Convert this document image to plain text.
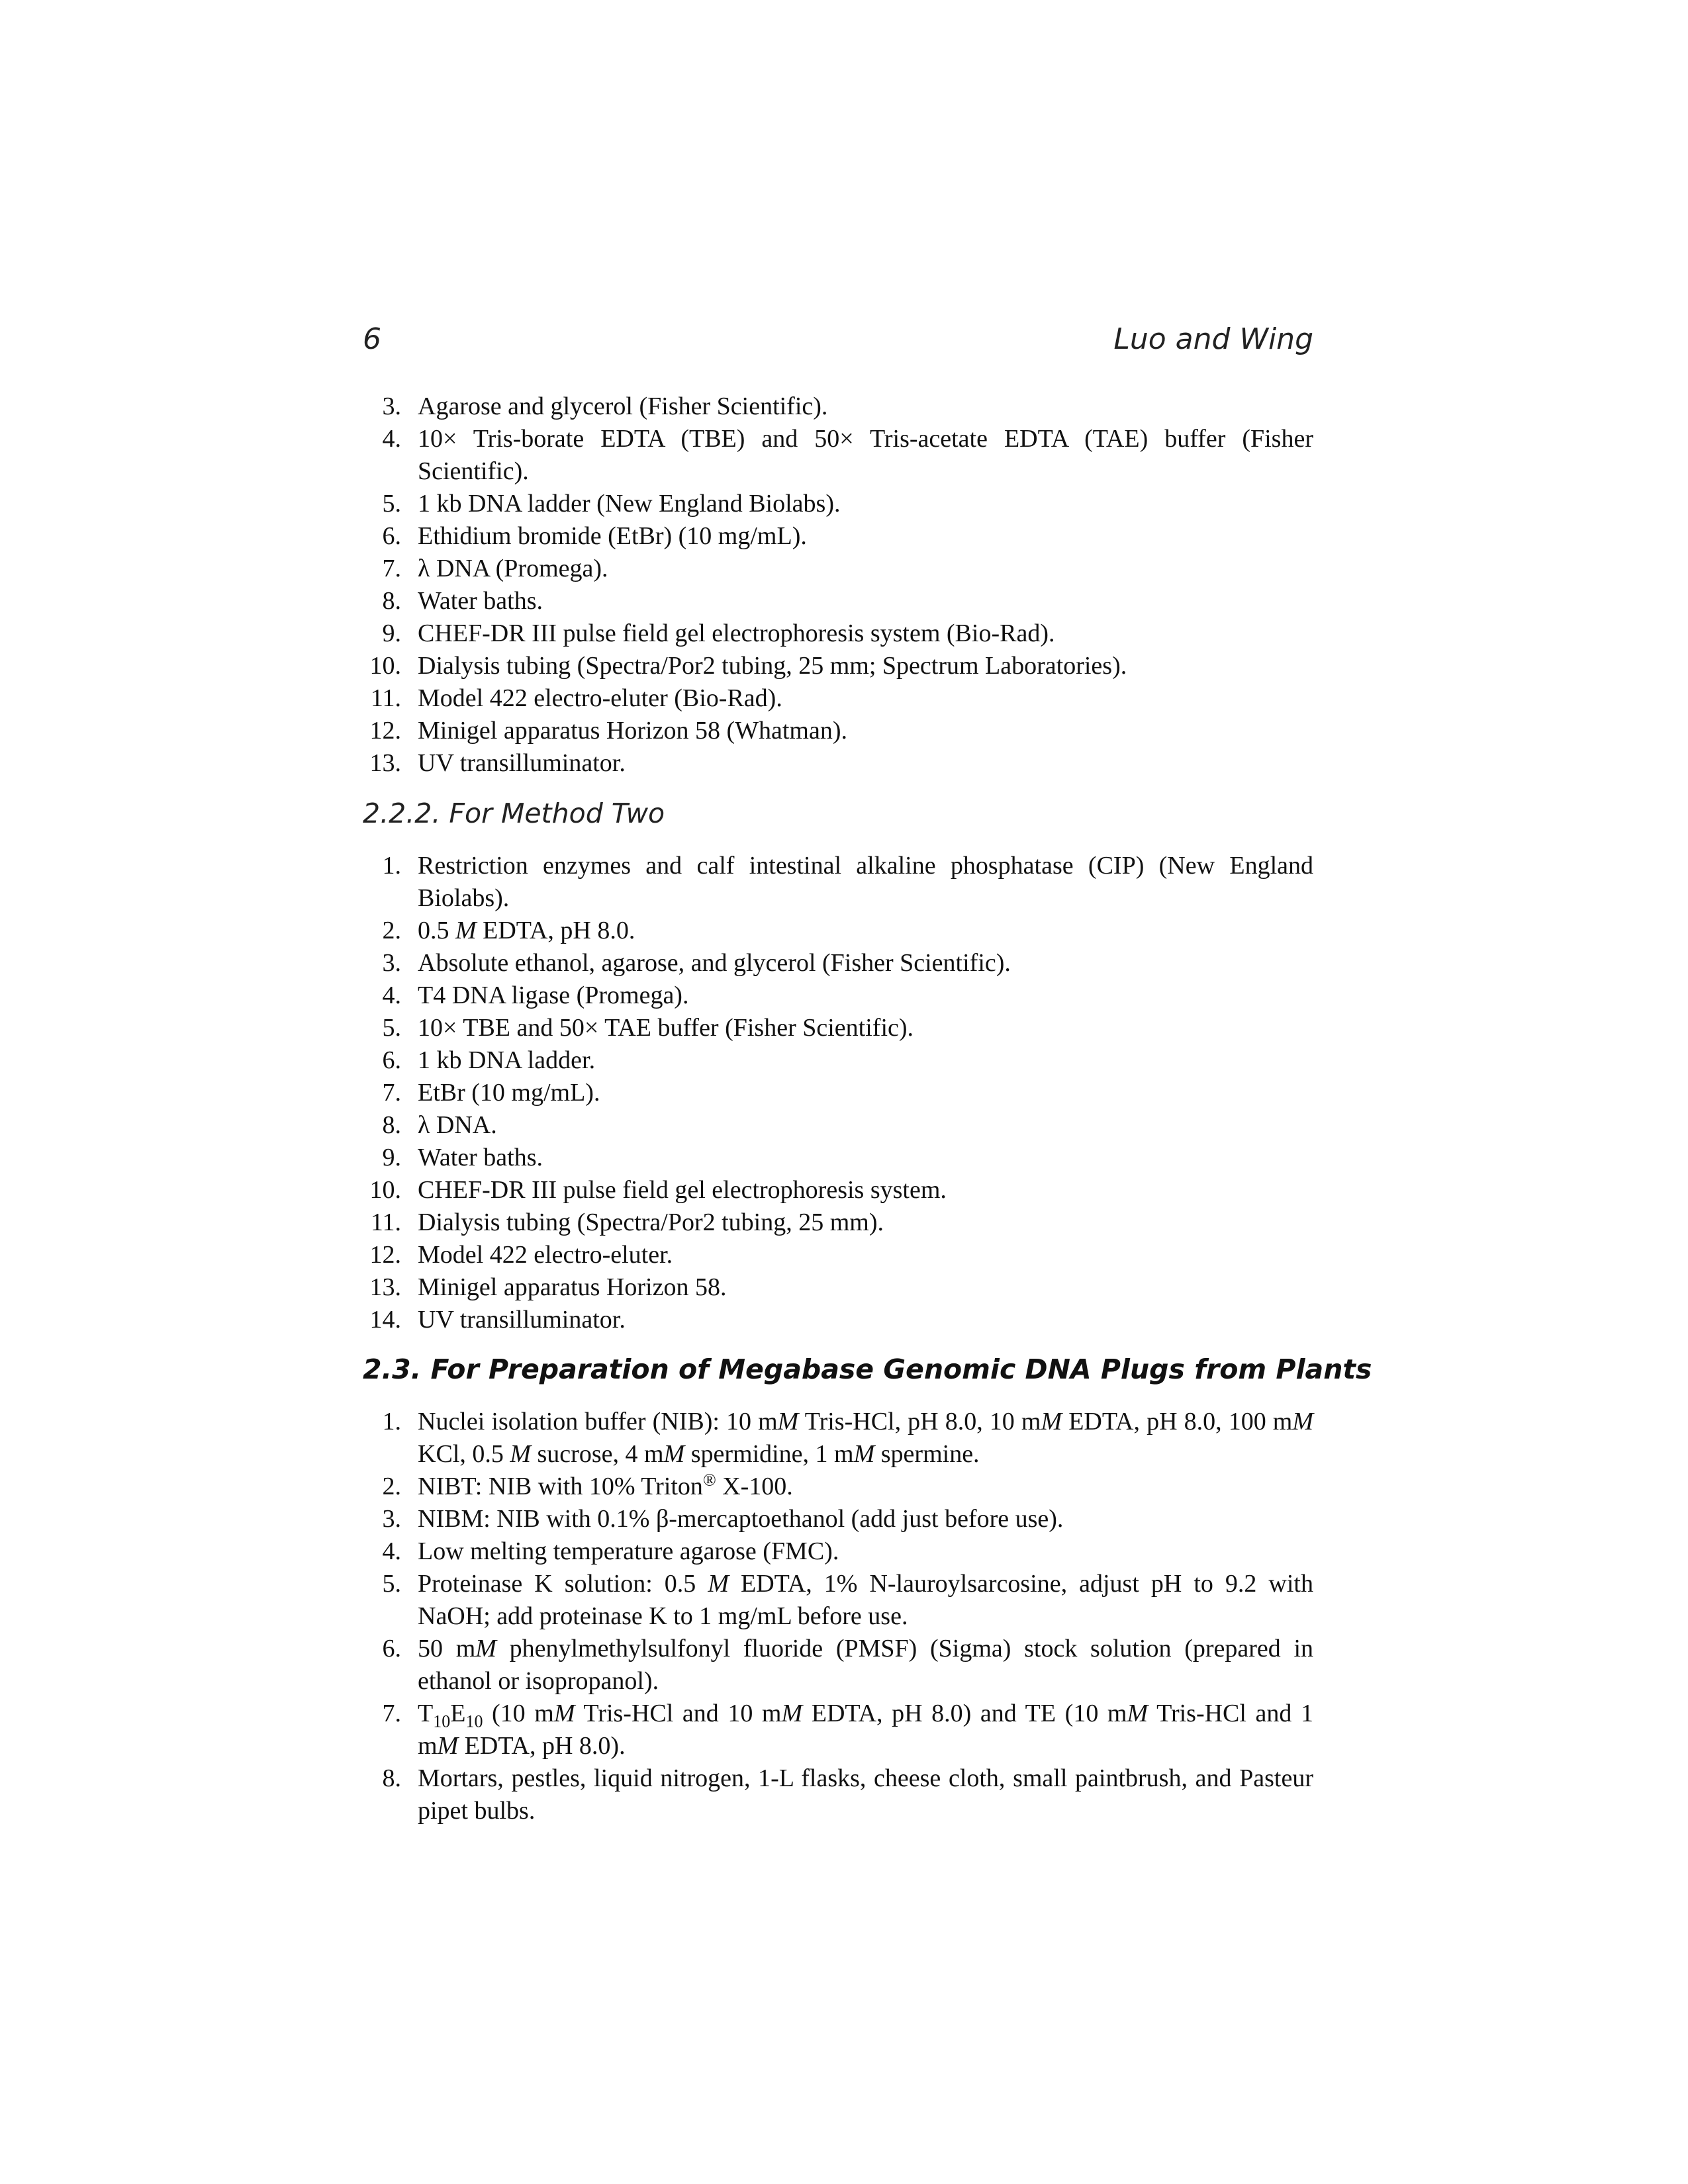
6	Luo and Wing
3. Agarose and glycerol (Fisher Scientific).
4. 10× Tris-borate EDTA (TBE) and 50× Tris-acetate EDTA (TAE) buffer (Fisher Scientific).
5. 1 kb DNA ladder (New England Biolabs).
6. Ethidium bromide (EtBr) (10 mg/mL).
7. λ DNA (Promega).
8. Water baths.
9. CHEF-DR III pulse field gel electrophoresis system (Bio-Rad).
10. Dialysis tubing (Spectra/Por2 tubing, 25 mm; Spectrum Laboratories).
11. Model 422 electro-eluter (Bio-Rad).
12. Minigel apparatus Horizon 58 (Whatman).
13. UV transilluminator.
2.2.2. For Method Two
1. Restriction enzymes and calf intestinal alkaline phosphatase (CIP) (New England Biolabs).
2. 0.5 M EDTA, pH 8.0.
3. Absolute ethanol, agarose, and glycerol (Fisher Scientific).
4. T4 DNA ligase (Promega).
5. 10× TBE and 50× TAE buffer (Fisher Scientific).
6. 1 kb DNA ladder.
7. EtBr (10 mg/mL).
8. λ DNA.
9. Water baths.
10. CHEF-DR III pulse field gel electrophoresis system.
11. Dialysis tubing (Spectra/Por2 tubing, 25 mm).
12. Model 422 electro-eluter.
13. Minigel apparatus Horizon 58.
14. UV transilluminator.
2.3. For Preparation of Megabase Genomic DNA Plugs from Plants
1. Nuclei isolation buffer (NIB): 10 mM Tris-HCl, pH 8.0, 10 mM EDTA, pH 8.0, 100 mM KCl, 0.5 M sucrose, 4 mM spermidine, 1 mM spermine.
2. NIBT: NIB with 10% Triton® X-100.
3. NIBM: NIB with 0.1% β-mercaptoethanol (add just before use).
4. Low melting temperature agarose (FMC).
5. Proteinase K solution: 0.5 M EDTA, 1% N-lauroylsarcosine, adjust pH to 9.2 with NaOH; add proteinase K to 1 mg/mL before use.
6. 50 mM phenylmethylsulfonyl fluoride (PMSF) (Sigma) stock solution (prepared in ethanol or isopropanol).
7. $T_{10}E_{10}$ (10 mM Tris-HCl and 10 mM EDTA, pH 8.0) and TE (10 mM Tris-HCl and 1 mM EDTA, pH 8.0).
8. Mortars, pestles, liquid nitrogen, 1-L flasks, cheese cloth, small paintbrush, and Pasteur pipet bulbs.
